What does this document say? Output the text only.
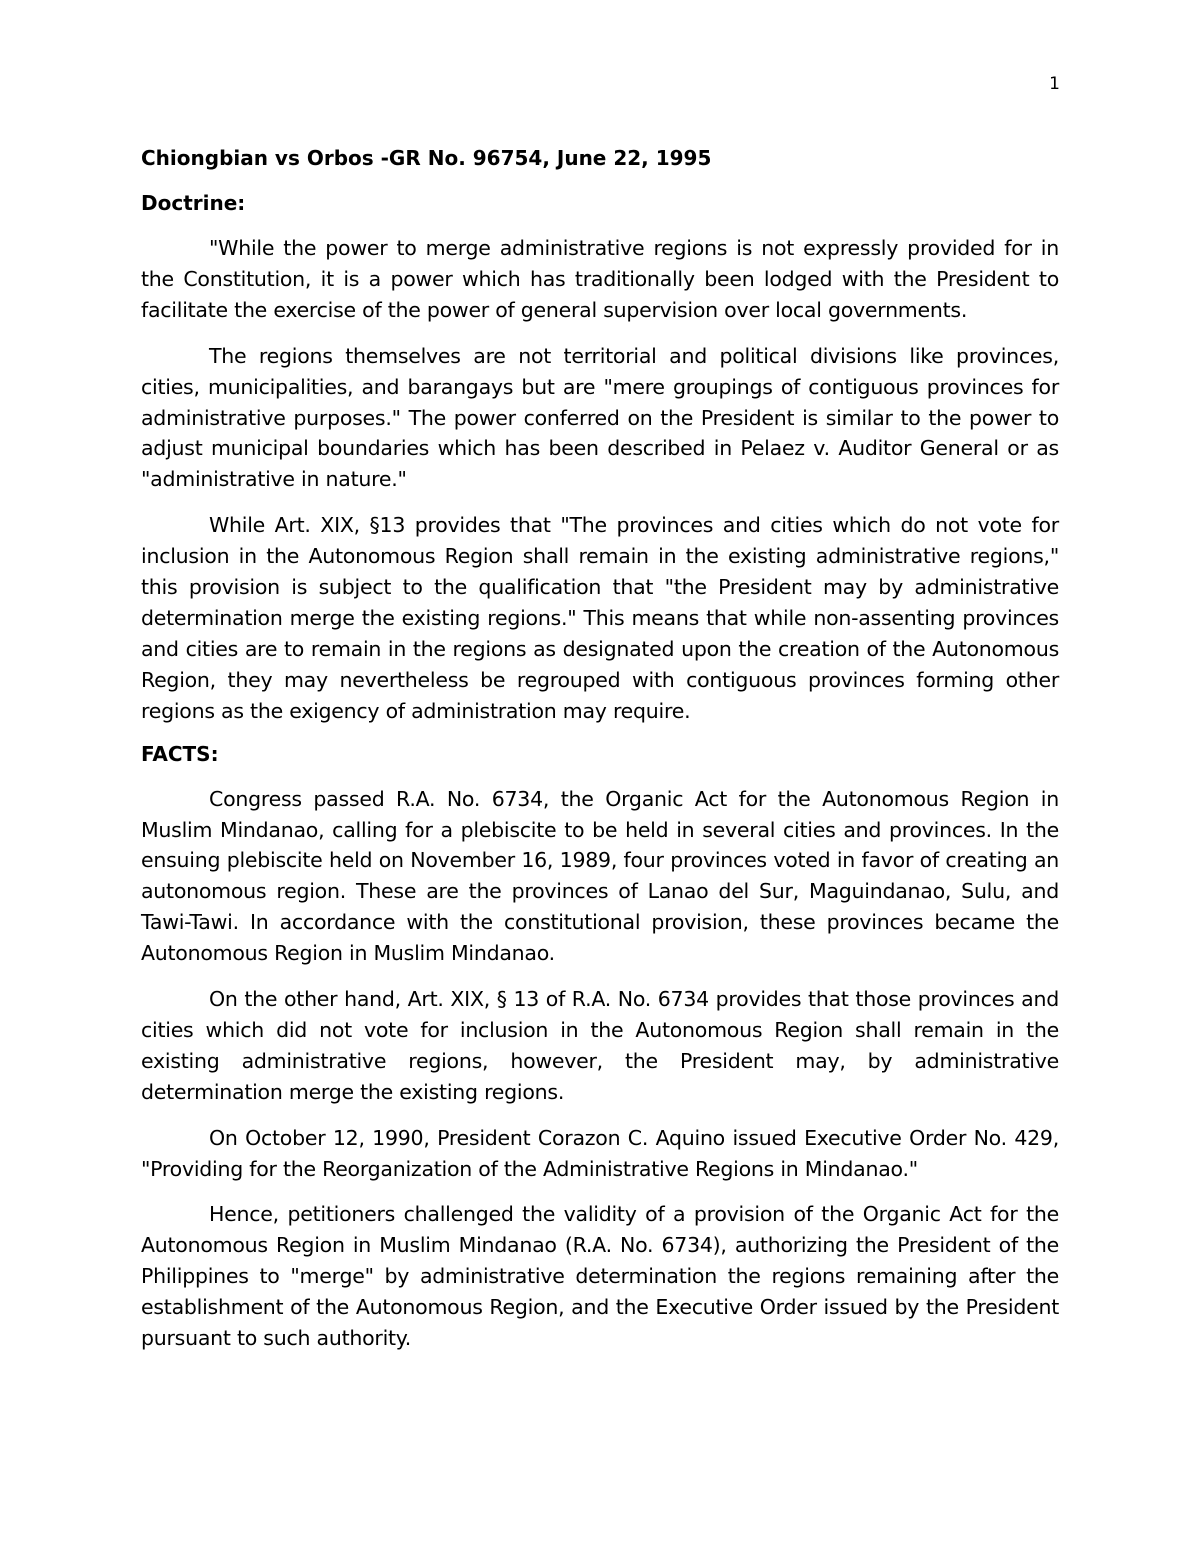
1

Chiongbian vs Orbos -GR No. 96754, June 22, 1995

Doctrine:

"While the power to merge administrative regions is not expressly provided for in the Constitution, it is a power which has traditionally been lodged with the President to facilitate the exercise of the power of general supervision over local governments.

The regions themselves are not territorial and political divisions like provinces, cities, municipalities, and barangays but are "mere groupings of contiguous provinces for administrative purposes." The power conferred on the President is similar to the power to adjust municipal boundaries which has been described in Pelaez v. Auditor General or as "administrative in nature."

While Art. XIX, §13 provides that "The provinces and cities which do not vote for inclusion in the Autonomous Region shall remain in the existing administrative regions," this provision is subject to the qualification that "the President may by administrative determination merge the existing regions." This means that while non-assenting provinces and cities are to remain in the regions as designated upon the creation of the Autonomous Region, they may nevertheless be regrouped with contiguous provinces forming other regions as the exigency of administration may require.

FACTS:

Congress passed R.A. No. 6734, the Organic Act for the Autonomous Region in Muslim Mindanao, calling for a plebiscite to be held in several cities and provinces. In the ensuing plebiscite held on November 16, 1989, four provinces voted in favor of creating an autonomous region. These are the provinces of Lanao del Sur, Maguindanao, Sulu, and Tawi-Tawi. In accordance with the constitutional provision, these provinces became the Autonomous Region in Muslim Mindanao.

On the other hand, Art. XIX, § 13 of R.A. No. 6734 provides that those provinces and cities which did not vote for inclusion in the Autonomous Region shall remain in the existing administrative regions, however, the President may, by administrative determination merge the existing regions.

On October 12, 1990, President Corazon C. Aquino issued Executive Order No. 429, "Providing for the Reorganization of the Administrative Regions in Mindanao."

Hence, petitioners challenged the validity of a provision of the Organic Act for the Autonomous Region in Muslim Mindanao (R.A. No. 6734), authorizing the President of the Philippines to "merge" by administrative determination the regions remaining after the establishment of the Autonomous Region, and the Executive Order issued by the President pursuant to such authority.
